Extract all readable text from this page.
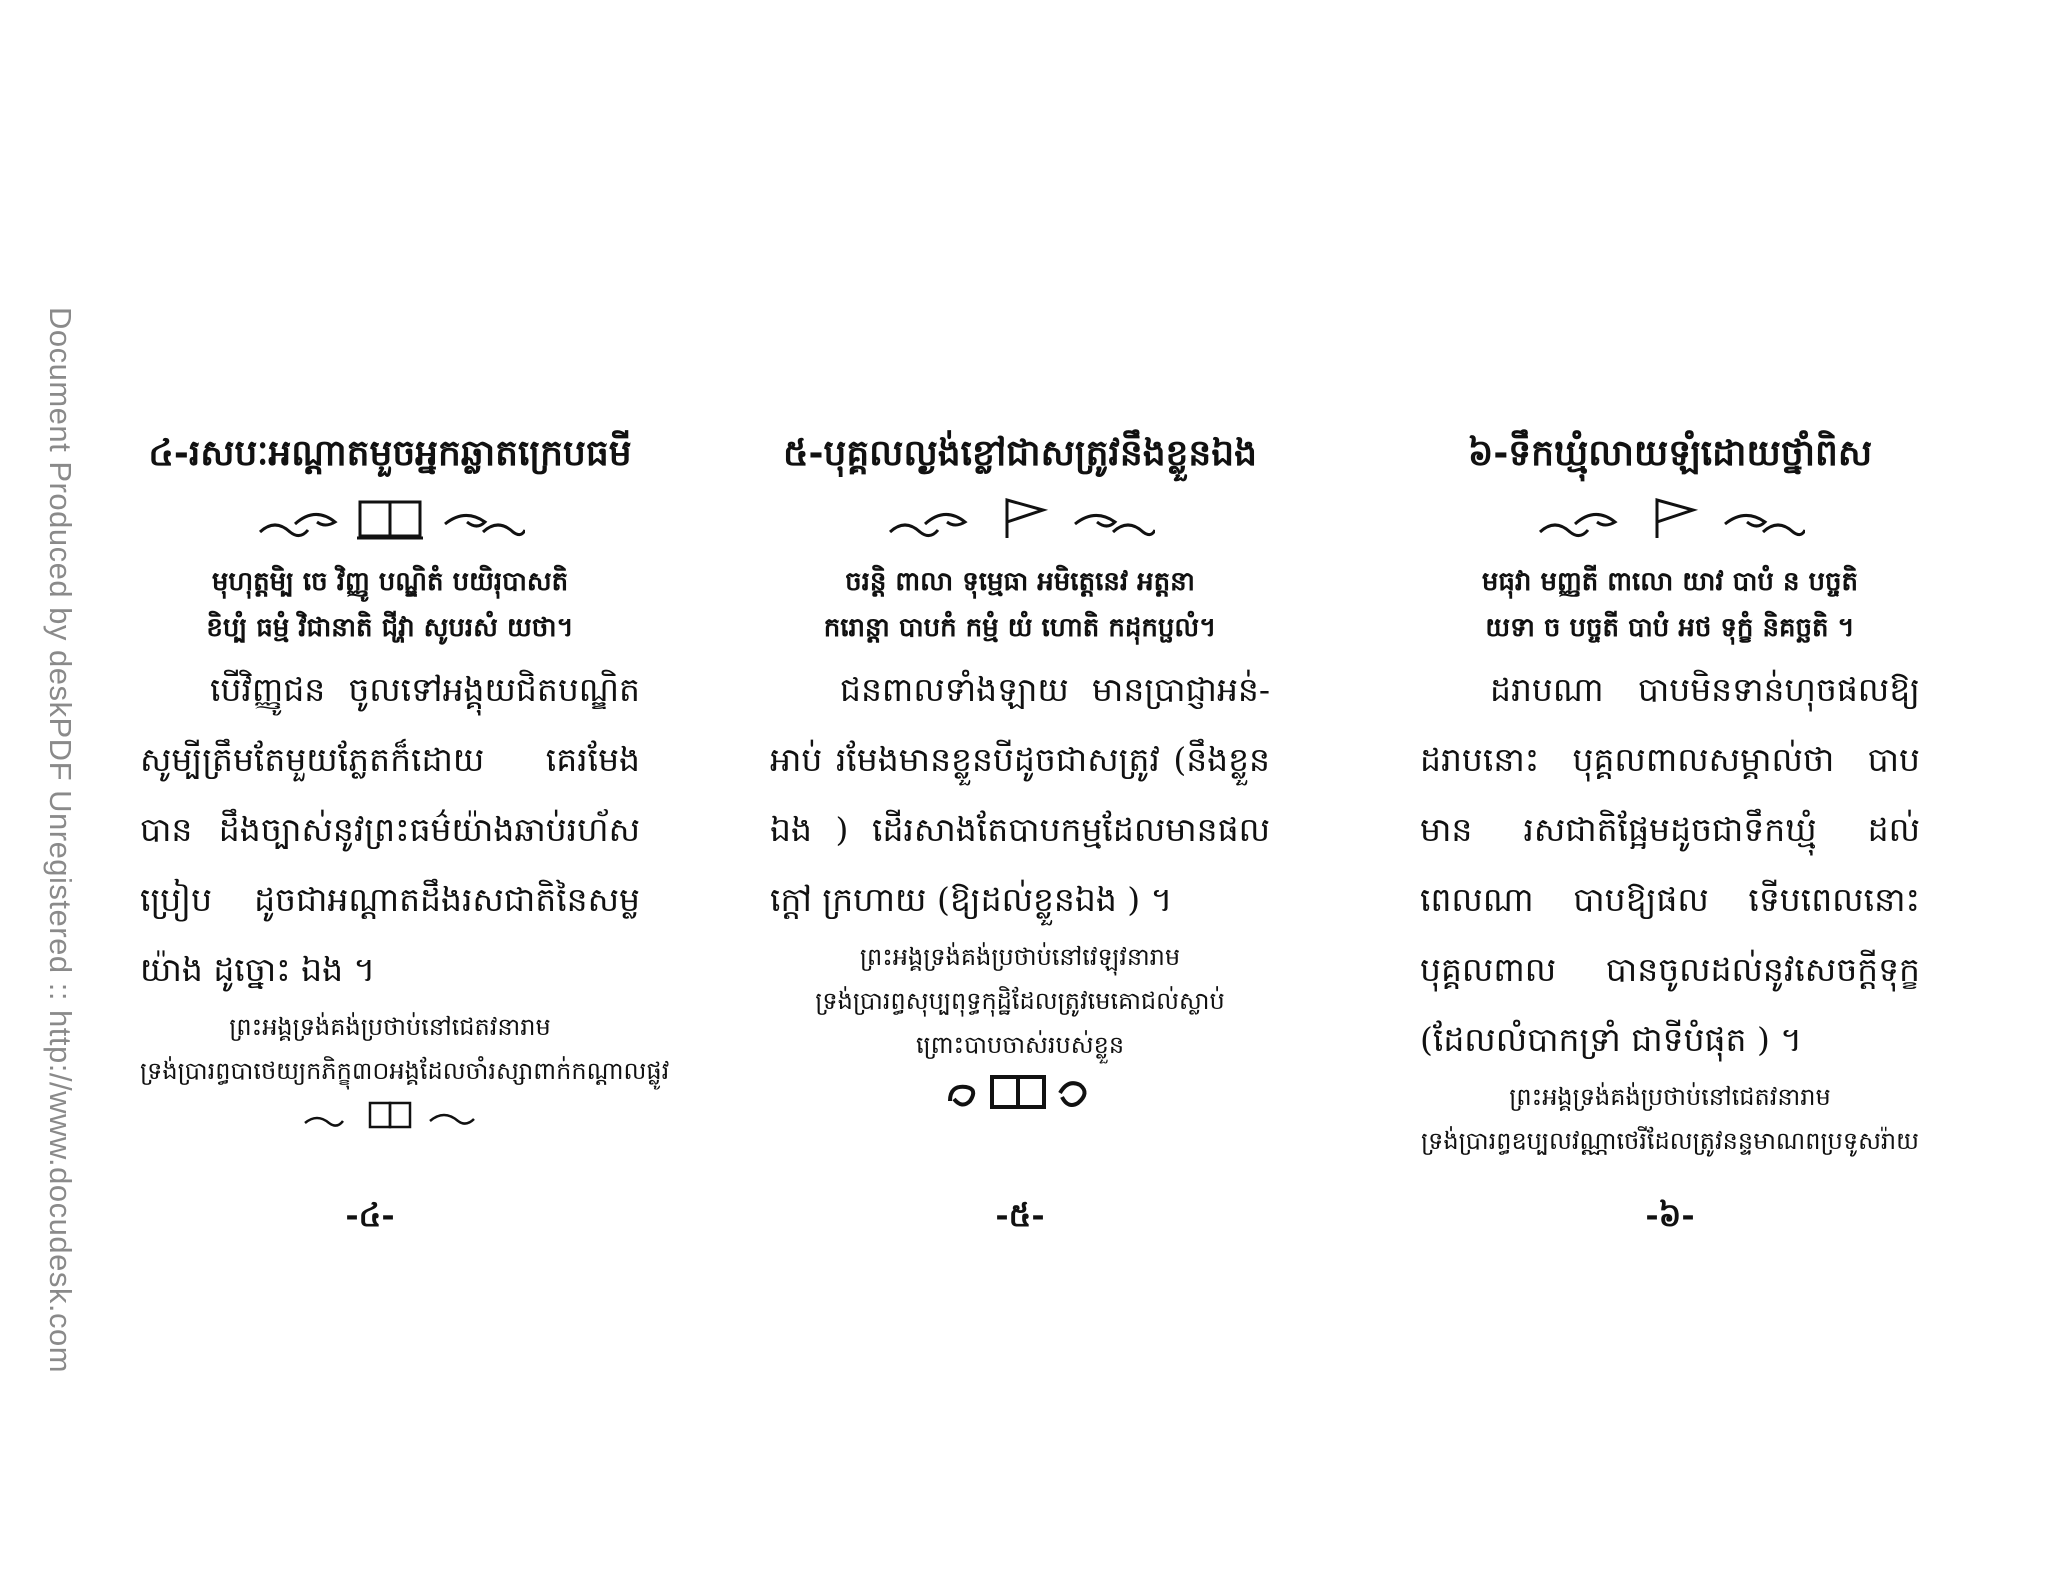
Document Produced by deskPDF Unregistered :: http://www.docudesk.com ៤-រសបៈអណ្តាតមួចអ្នកឆ្លាតក្រេបធមី
មុហុត្តមិ្ប ចេ វិញ្ញូ បណ្ឌិតំ បយិរុបាសតិ
ខិប្បំ ធម្មំ វិជានាតិ ជីវ្ហា សូបរសំ យថា។

បើវិញ្ញូជន ចូលទៅអង្គុយជិតបណ្ឌិត សូម្បីត្រឹមតែមួយភ្លែតក៏ដោយ គេរមែងបាន ដឹងច្បាស់នូវព្រះធម៌យ៉ាងឆាប់រហ័ស ប្រៀប ដូចជាអណ្តាតដឹងរសជាតិនៃសម្ល យ៉ាង ដូច្នោះ ឯង ។

ព្រះអង្គទ្រង់គង់ប្រថាប់នៅជេតវនារាម
ទ្រង់ប្រារព្ធបាថេយ្យកភិក្ខុ៣០អង្គដែលចាំរស្សាពាក់កណ្តាលផ្លូវ
៥-បុគ្គលល្ងង់ខ្លៅជាសត្រូវនឹងខ្លួនឯង
ចរន្តិ ពាលា ទុម្មេធា អមិត្តេនេវ អត្តនា
ករោន្តា បាបកំ កម្មំ យំ ហោតិ កដុកប្ផលំ។

ជនពាលទាំងឡាយ មានប្រាជ្ញាអន់- អាប់ រមែងមានខ្លួនបីដូចជាសត្រូវ (នឹងខ្លួន ឯង ) ដើរសាងតែបាបកម្មដែលមានផលក្តៅ ក្រហាយ (ឱ្យដល់ខ្លួនឯង ) ។

ព្រះអង្គទ្រង់គង់ប្រថាប់នៅវេឡុវនារាម
ទ្រង់ប្រារព្ធសុប្បពុទ្ធកុដ្ឋិដែលត្រូវមេគោជល់ស្លាប់
ព្រោះបាបចាស់របស់ខ្លួន
៦-ទឹកឃ្មុំលាយឡំដោយថ្នាំពិស
មធុវា មញ្ញតី ពាលោ យាវ បាបំ ន បច្ចតិ
យទា ច បច្ចតី បាបំ អថ ទុក្ខំ និគច្ឆតិ ។

ដរាបណា បាបមិនទាន់ហុចផលឱ្យ ដរាបនោះ បុគ្គលពាលសម្គាល់ថា បាបមាន រសជាតិផ្អែមដូចជាទឹកឃ្មុំ ដល់ពេលណា បាបឱ្យផល ទើបពេលនោះ បុគ្គលពាល បានចូលដល់នូវសេចក្តីទុក្ខ (ដែលលំបាកទ្រាំ ជាទីបំផុត ) ។

ព្រះអង្គទ្រង់គង់ប្រថាប់នៅជេតវនារាម
ទ្រង់ប្រារព្ធឧប្បលវណ្ណាថេរីដែលត្រូវនន្ទមាណពប្រទូសរ៉ាយ
-៤-	-៥-	-៦-
